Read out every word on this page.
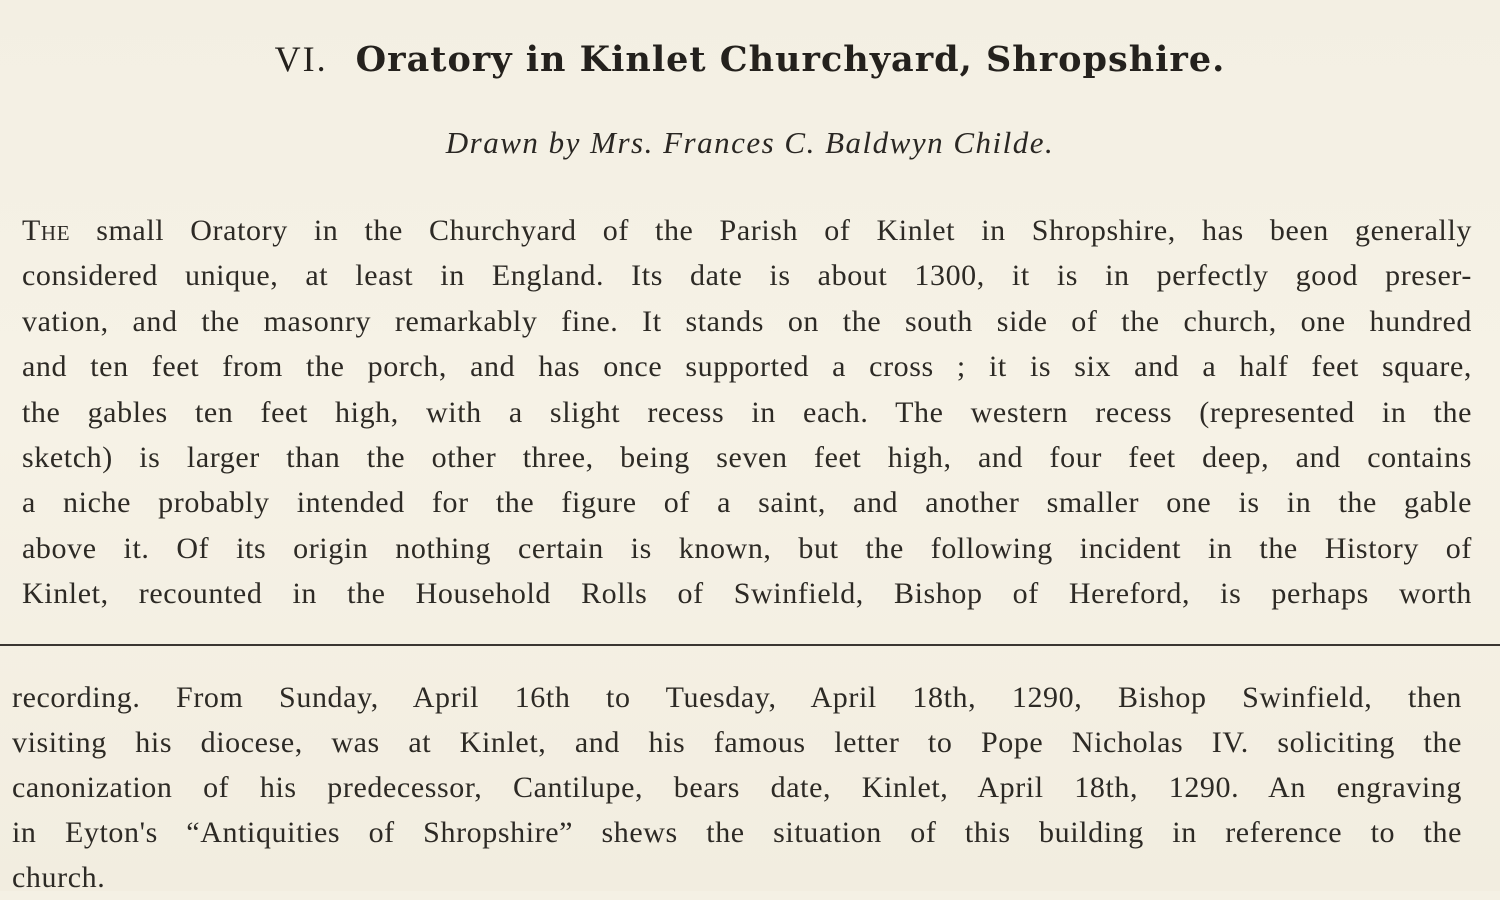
VI. Oratory in Kinlet Churchyard, Shropshire.
Drawn by Mrs. Frances C. Baldwyn Childe.
The small Oratory in the Churchyard of the Parish of Kinlet in Shropshire, has been generally
considered unique, at least in England. Its date is about 1300, it is in perfectly good preser-
vation, and the masonry remarkably fine. It stands on the south side of the church, one hundred
and ten feet from the porch, and has once supported a cross ; it is six and a half feet square,
the gables ten feet high, with a slight recess in each. The western recess (represented in the
sketch) is larger than the other three, being seven feet high, and four feet deep, and contains
a niche probably intended for the figure of a saint, and another smaller one is in the gable
above it. Of its origin nothing certain is known, but the following incident in the History of
Kinlet, recounted in the Household Rolls of Swinfield, Bishop of Hereford, is perhaps worth
recording. From Sunday, April 16th to Tuesday, April 18th, 1290, Bishop Swinfield, then
visiting his diocese, was at Kinlet, and his famous letter to Pope Nicholas IV. soliciting the
canonization of his predecessor, Cantilupe, bears date, Kinlet, April 18th, 1290. An engraving
in Eyton's “Antiquities of Shropshire” shews the situation of this building in reference to the
church.
